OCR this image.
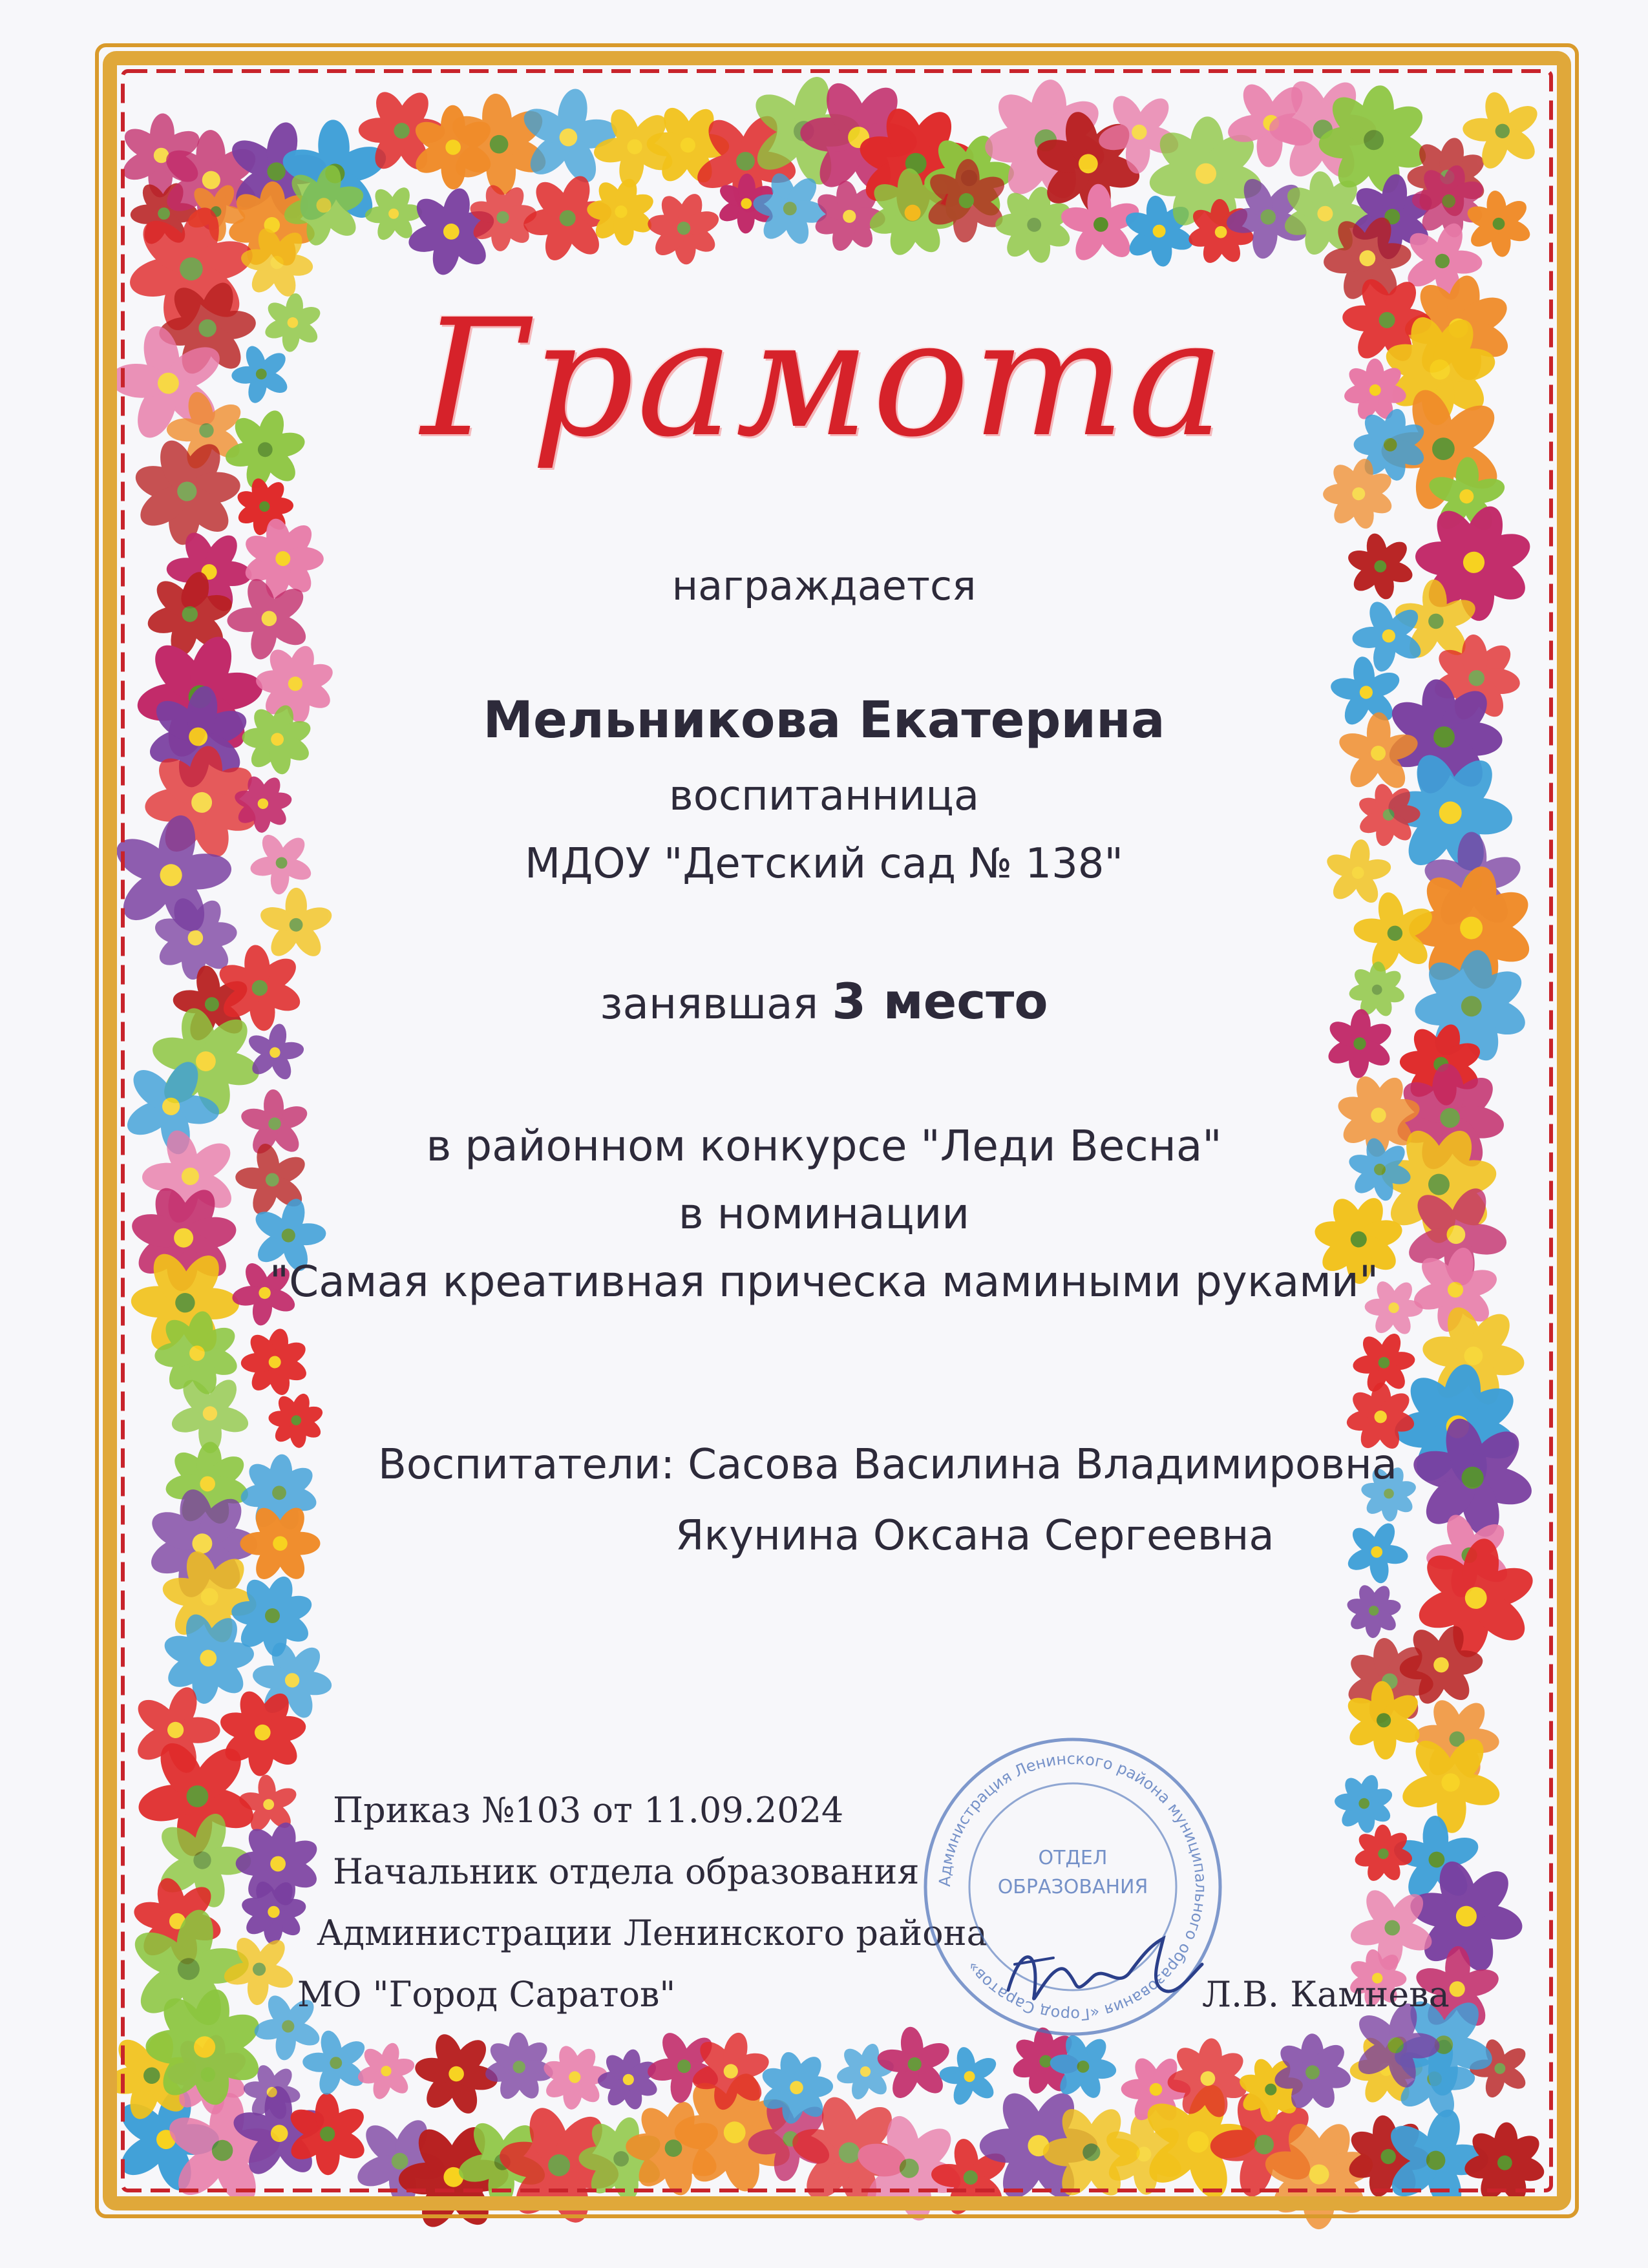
Грамота
награждается
Мельникова Екатерина
воспитанница
МДОУ "Детский сад № 138"
занявшая 3 место
в районном конкурсе "Леди Весна"
в номинации
"Самая креативная прическа мамиными руками"
Воспитатели: Сасова Василина Владимировна
Якунина Оксана Сергеевна
Приказ №103 от 11.09.2024
Начальник отдела образования
Администрации Ленинского района
МО "Город Саратов"	Л.В. Камнева
Администрация Ленинского района муниципального образования «Город Саратов»
ОТДЕЛ
ОБРАЗОВАНИЯ
